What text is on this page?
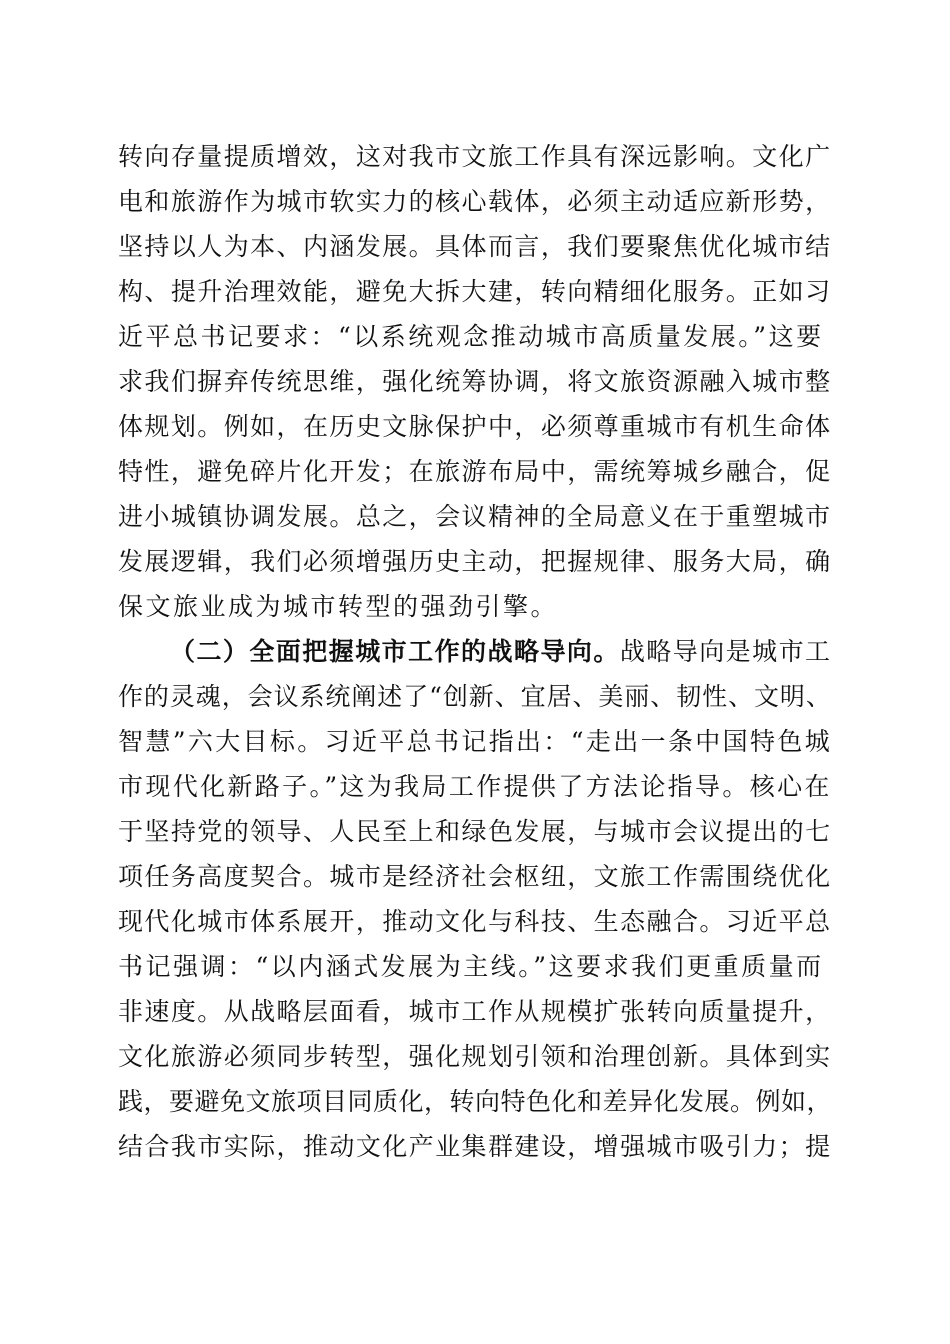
转向存量提质增效，这对我市文旅工作具有深远影响。文化广
电和旅游作为城市软实力的核心载体，必须主动适应新形势，
坚持以人为本、内涵发展。具体而言，我们要聚焦优化城市结
构、提升治理效能，避免大拆大建，转向精细化服务。正如习
近平总书记要求：“以系统观念推动城市高质量发展。”这要
求我们摒弃传统思维，强化统筹协调，将文旅资源融入城市整
体规划。例如，在历史文脉保护中，必须尊重城市有机生命体
特性，避免碎片化开发；在旅游布局中，需统筹城乡融合，促
进小城镇协调发展。总之，会议精神的全局意义在于重塑城市
发展逻辑，我们必须增强历史主动，把握规律、服务大局，确
保文旅业成为城市转型的强劲引擎。
（二）全面把握城市工作的战略导向。战略导向是城市工
作的灵魂，会议系统阐述了“创新、宜居、美丽、韧性、文明、
智慧”六大目标。习近平总书记指出：“走出一条中国特色城
市现代化新路子。”这为我局工作提供了方法论指导。核心在
于坚持党的领导、人民至上和绿色发展，与城市会议提出的七
项任务高度契合。城市是经济社会枢纽，文旅工作需围绕优化
现代化城市体系展开，推动文化与科技、生态融合。习近平总
书记强调：“以内涵式发展为主线。”这要求我们更重质量而
非速度。从战略层面看，城市工作从规模扩张转向质量提升，
文化旅游必须同步转型，强化规划引领和治理创新。具体到实
践，要避免文旅项目同质化，转向特色化和差异化发展。例如，
结合我市实际，推动文化产业集群建设，增强城市吸引力；提
